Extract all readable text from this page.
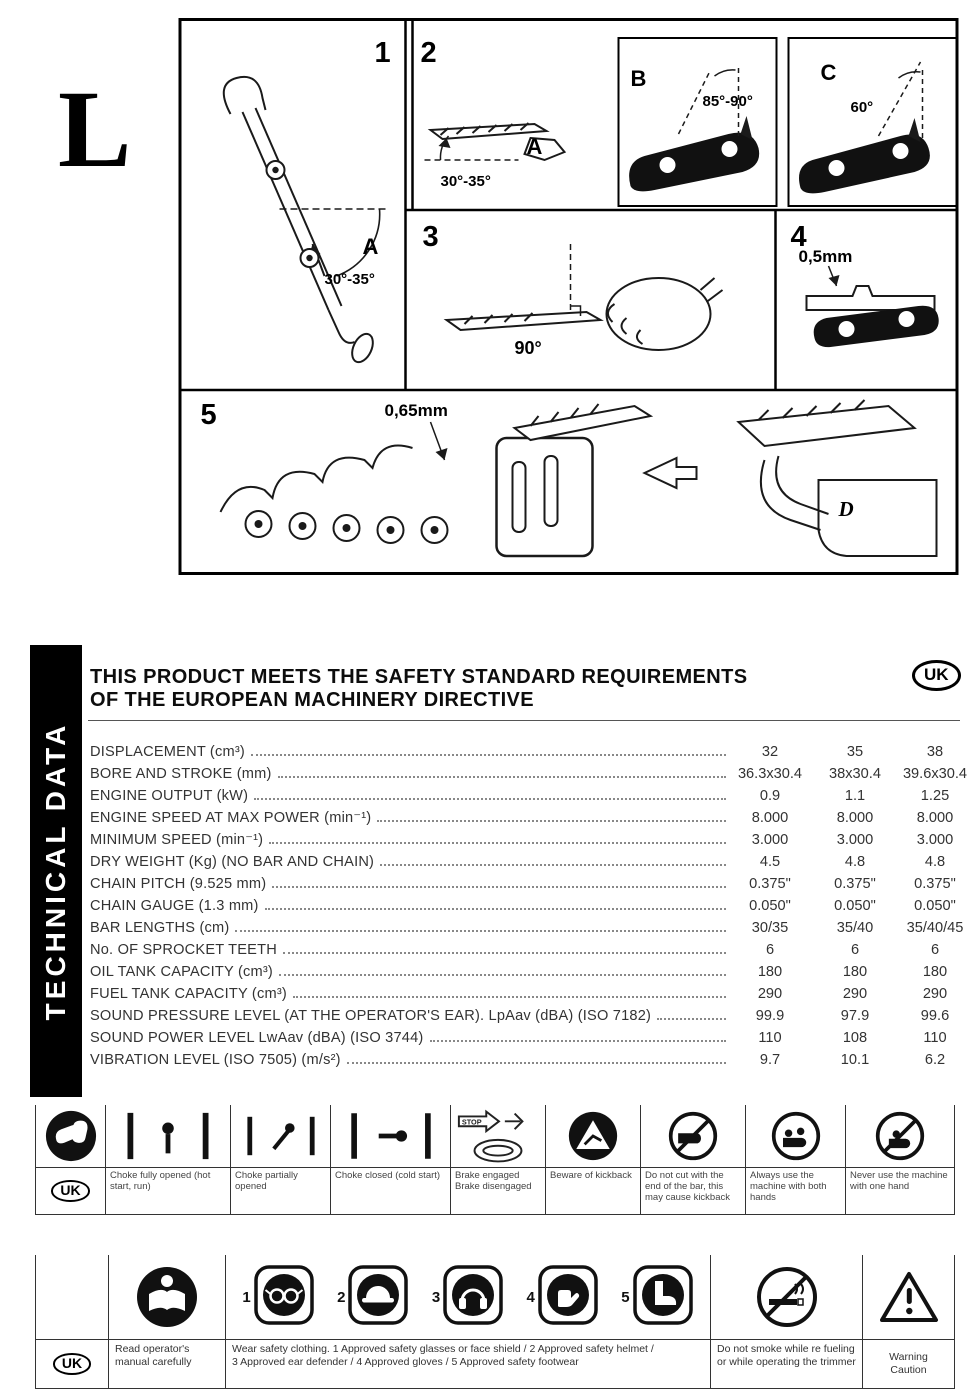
L
1 2
3	4
5
A
30°-35°
A
30°-35°
B
85°-90°
C
60°
90°
0,5mm
0,65mm
D
TECHNICAL DATA
THIS PRODUCT MEETS THE SAFETY STANDARD REQUIREMENTS
OF THE EUROPEAN MACHINERY DIRECTIVE
UK
DISPLACEMENT (cm³)	32	35	38
BORE AND STROKE (mm)	36.3x30.4	38x30.4	39.6x30.4
ENGINE OUTPUT (kW)	0.9	1.1	1.25
ENGINE SPEED AT MAX POWER (min⁻¹)	8.000	8.000	8.000
MINIMUM SPEED (min⁻¹)	3.000	3.000	3.000
DRY WEIGHT (Kg) (NO BAR AND CHAIN)	4.5	4.8	4.8
CHAIN PITCH (9.525 mm)	0.375"	0.375"	0.375"
CHAIN GAUGE (1.3 mm)	0.050"	0.050"	0.050"
BAR LENGTHS (cm)	30/35	35/40	35/40/45
No. OF SPROCKET TEETH	6	6	6
OIL TANK CAPACITY (cm³)	180	180	180
FUEL TANK CAPACITY (cm³)	290	290	290
SOUND PRESSURE LEVEL (AT THE OPERATOR'S EAR). LpAav (dBA) (ISO 7182)	99.9	97.9	99.6
SOUND POWER LEVEL LwAav (dBA) (ISO 3744)	110	108	110
VIBRATION LEVEL (ISO 7505) (m/s²)	9.7	10.1	6.2
UK
Choke fully opened (hot start, run)
Choke partially opened
Choke closed (cold start)
STOP
Brake engaged Brake disengaged
Beware of kickback	Do not cut with the end of the bar, this may cause kickback
Always use the machine with both hands
Never use the machine with one hand
UK
Read operator's manual carefully
1	2	3	4	5
Wear safety clothing. 1 Approved safety glasses or face shield / 2 Approved safety helmet /
3 Approved ear defender / 4 Approved gloves / 5 Approved safety footwear
Do not smoke while re fueling or while operating the trimmer	Warning
Caution
